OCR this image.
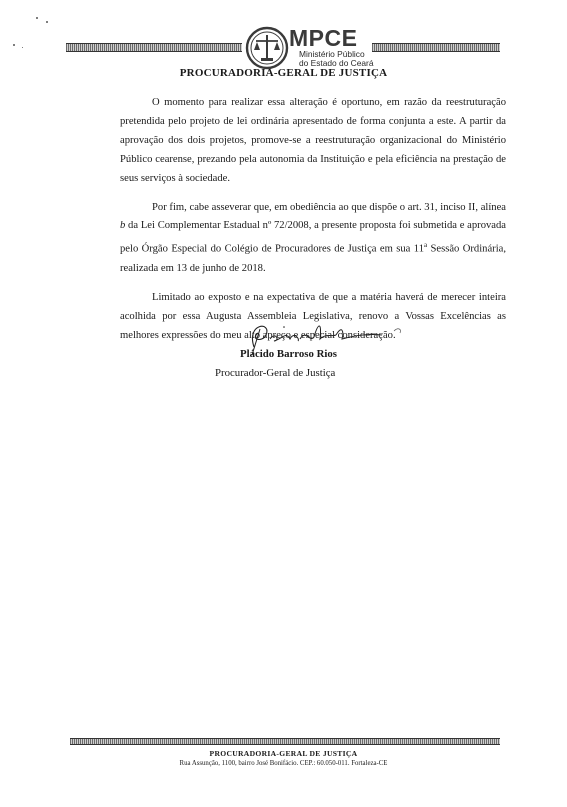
MPCE
Ministério Público
do Estado do Ceará
PROCURADORIA-GERAL DE JUSTIÇA

O momento para realizar essa alteração é oportuno, em razão da reestruturação pretendida pelo projeto de lei ordinária apresentado de forma conjunta a este. A partir da aprovação dos dois projetos, promove-se a reestruturação organizacional do Ministério Público cearense, prezando pela autonomia da Instituição e pela eficiência na prestação de seus serviços à sociedade.

Por fim, cabe asseverar que, em obediência ao que dispõe o art. 31, inciso II, alínea b da Lei Complementar Estadual nº 72/2008, a presente proposta foi submetida e aprovada pelo Órgão Especial do Colégio de Procuradores de Justiça em sua 11$^a$ Sessão Ordinária, realizada em 13 de junho de 2018.

Limitado ao exposto e na expectativa de que a matéria haverá de merecer inteira acolhida por essa Augusta Assembleia Legislativa, renovo a Vossas Excelências as melhores expressões do meu alto apreço e especial consideração.

Plácido Barroso Rios
Procurador-Geral de Justiça
PROCURADORIA-GERAL DE JUSTIÇA
Rua Assunção, 1100, bairro José Bonifácio. CEP.: 60.050-011. Fortaleza-CE
